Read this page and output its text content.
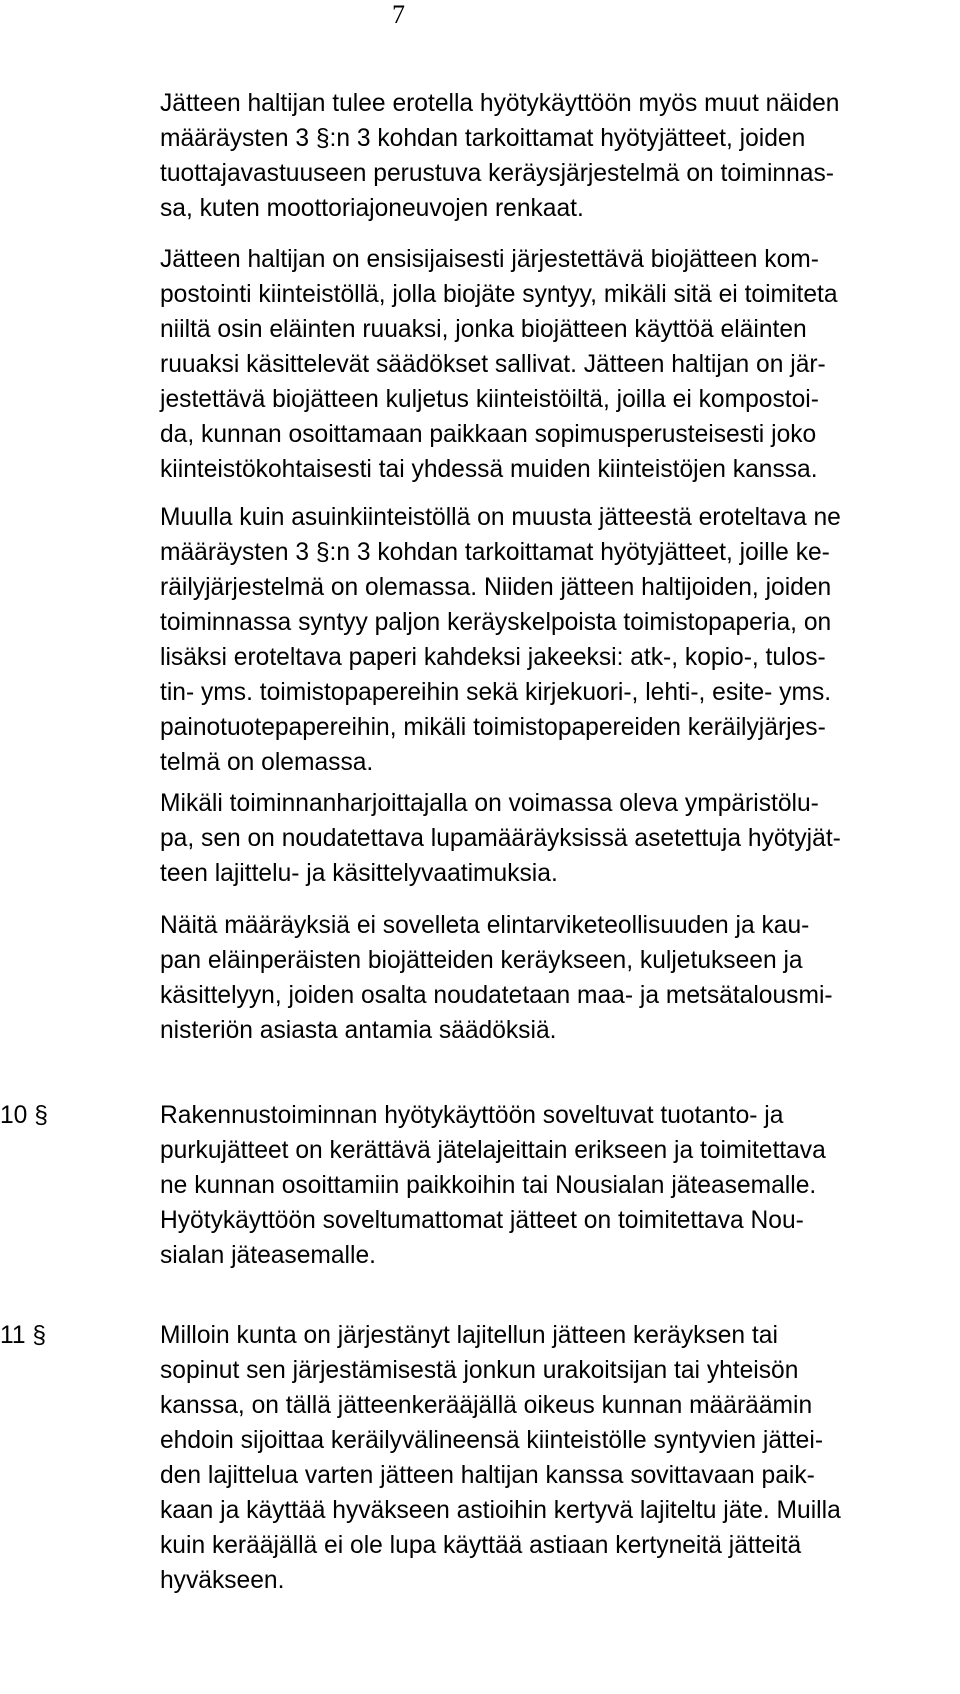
7

Jätteen haltijan tulee erotella hyötykäyttöön myös muut näiden
määräysten 3 §:n 3 kohdan tarkoittamat hyötyjätteet, joiden
tuottajavastuuseen perustuva keräysjärjestelmä on toiminnas-
sa, kuten moottoriajoneuvojen renkaat.

Jätteen haltijan on ensisijaisesti järjestettävä biojätteen kom-
postointi kiinteistöllä, jolla biojäte syntyy, mikäli sitä ei toimiteta
niiltä osin eläinten ruuaksi, jonka biojätteen käyttöä eläinten
ruuaksi käsittelevät säädökset sallivat. Jätteen haltijan on jär-
jestettävä biojätteen kuljetus kiinteistöiltä, joilla ei kompostoi-
da, kunnan osoittamaan paikkaan sopimusperusteisesti joko
kiinteistökohtaisesti tai yhdessä muiden kiinteistöjen kanssa.

Muulla kuin asuinkiinteistöllä on muusta jätteestä eroteltava ne
määräysten 3 §:n 3 kohdan tarkoittamat hyötyjätteet, joille ke-
räilyjärjestelmä on olemassa. Niiden jätteen haltijoiden, joiden
toiminnassa syntyy paljon keräyskelpoista toimistopaperia, on
lisäksi eroteltava paperi kahdeksi jakeeksi: atk-, kopio-, tulos-
tin- yms. toimistopapereihin sekä kirjekuori-, lehti-, esite- yms.
painotuotepapereihin, mikäli toimistopapereiden keräilyjärjes-
telmä on olemassa.

Mikäli toiminnanharjoittajalla on voimassa oleva ympäristölu-
pa, sen on noudatettava lupamääräyksissä asetettuja hyötyjät-
teen lajittelu- ja käsittelyvaatimuksia.

Näitä määräyksiä ei sovelleta elintarviketeollisuuden ja kau-
pan eläinperäisten biojätteiden keräykseen, kuljetukseen ja
käsittelyyn, joiden osalta noudatetaan maa- ja metsätalousmi-
nisteriön asiasta antamia säädöksiä.

10 §	Rakennustoiminnan hyötykäyttöön soveltuvat tuotanto- ja
purkujätteet on kerättävä jätelajeittain erikseen ja toimitettava
ne kunnan osoittamiin paikkoihin tai Nousialan jäteasemalle.
Hyötykäyttöön soveltumattomat jätteet on toimitettava Nou-
sialan jäteasemalle.

11 §	Milloin kunta on järjestänyt lajitellun jätteen keräyksen tai
sopinut sen järjestämisestä jonkun urakoitsijan tai yhteisön
kanssa, on tällä jätteenkerääjällä oikeus kunnan määräämin
ehdoin sijoittaa keräilyvälineensä kiinteistölle syntyvien jättei-
den lajittelua varten jätteen haltijan kanssa sovittavaan paik-
kaan ja käyttää hyväkseen astioihin kertyvä lajiteltu jäte. Muilla
kuin kerääjällä ei ole lupa käyttää astiaan kertyneitä jätteitä
hyväkseen.
